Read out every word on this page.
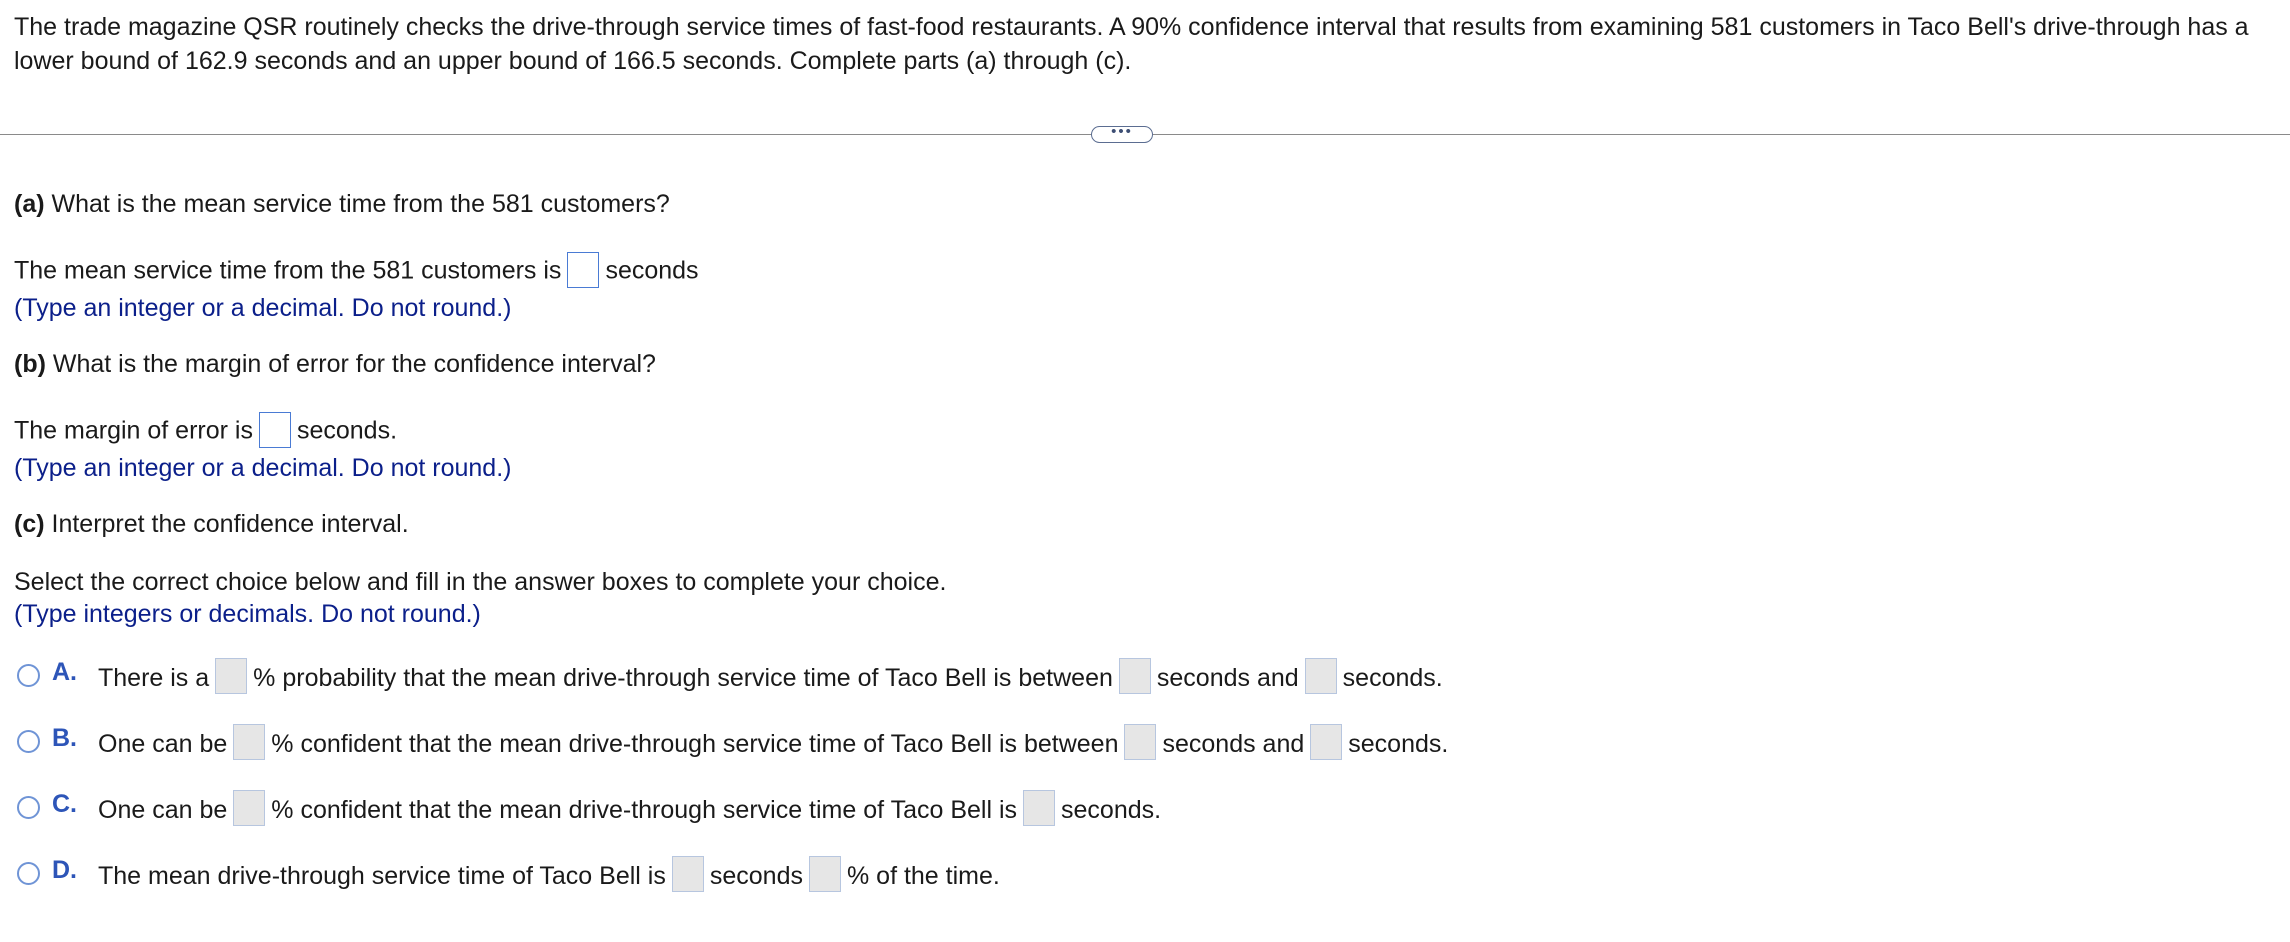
The trade magazine QSR routinely checks the drive-through service times of fast-food restaurants. A 90% confidence interval that results from examining 581 customers in Taco Bell's drive-through has a lower bound of 162.9 seconds and an upper bound of 166.5 seconds. Complete parts (a) through (c).

•••
(a) What is the mean service time from the 581 customers?
The mean service time from the 581 customers is seconds
(Type an integer or a decimal. Do not round.)
(b) What is the margin of error for the confidence interval?
The margin of error is seconds.
(Type an integer or a decimal. Do not round.)
(c) Interpret the confidence interval.
Select the correct choice below and fill in the answer boxes to complete your choice.
(Type integers or decimals. Do not round.)
A. There is a % probability that the mean drive-through service time of Taco Bell is between seconds and seconds.
B. One can be % confident that the mean drive-through service time of Taco Bell is between seconds and seconds.
C. One can be % confident that the mean drive-through service time of Taco Bell is seconds.
D. The mean drive-through service time of Taco Bell is seconds % of the time.
